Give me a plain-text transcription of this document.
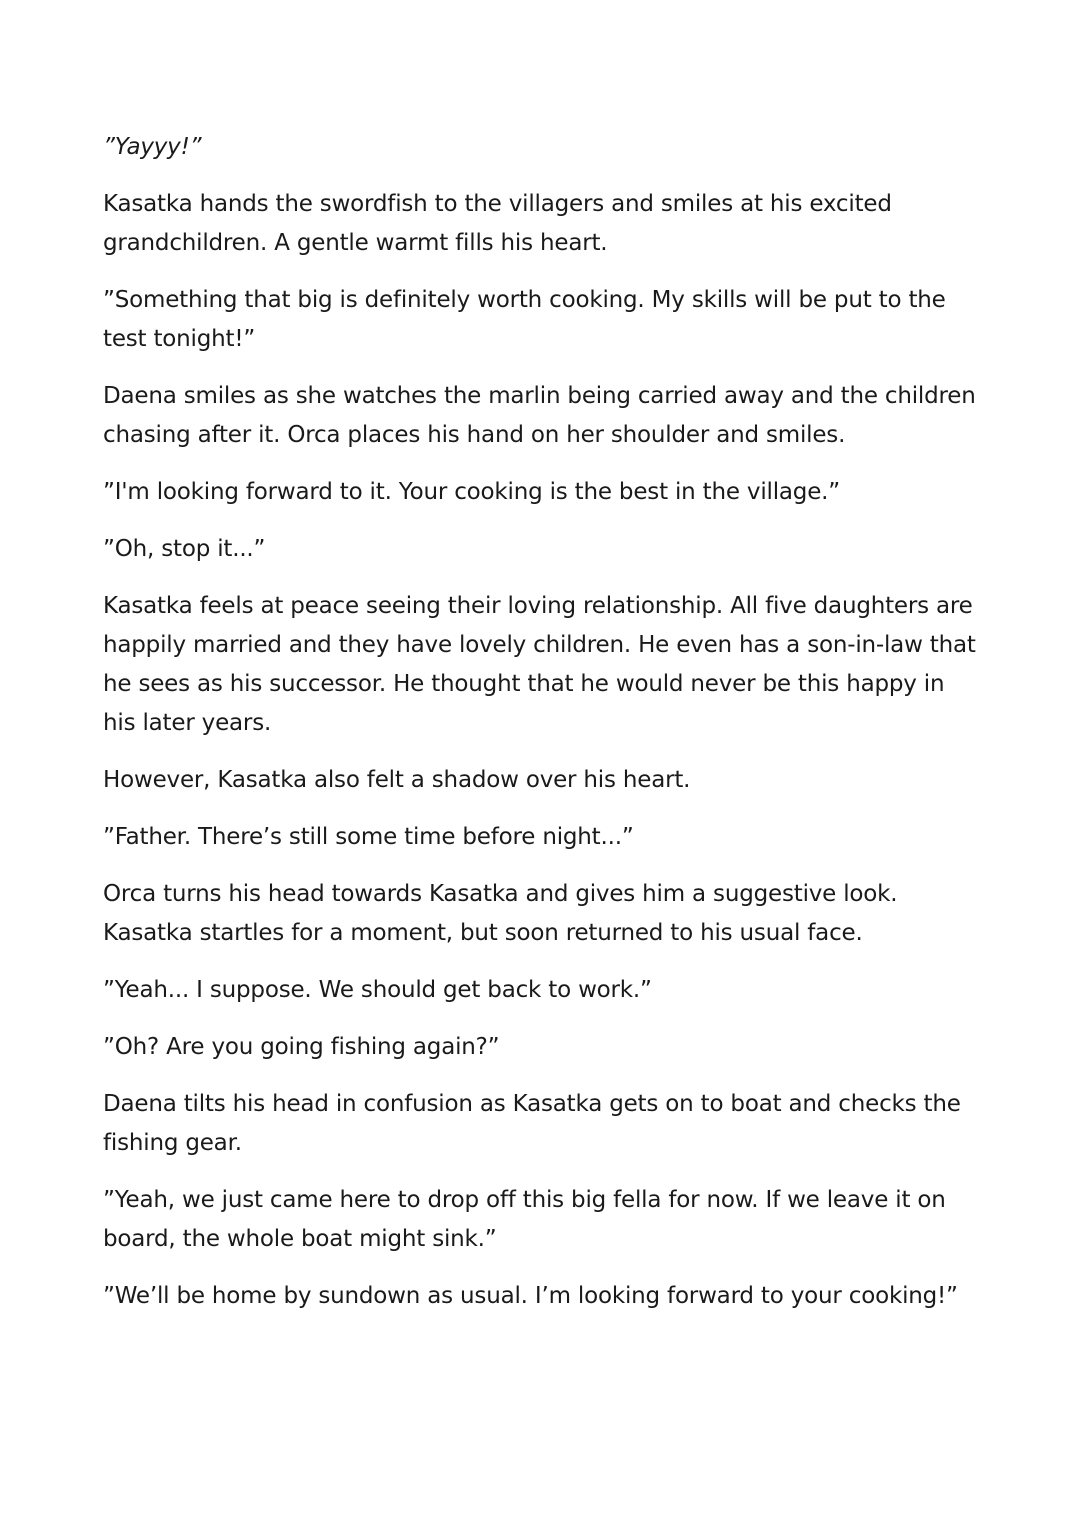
”Yayyy!”

Kasatka hands the swordfish to the villagers and smiles at his excited grandchildren. A gentle warmt fills his heart.

”Something that big is definitely worth cooking. My skills will be put to the test tonight!”

Daena smiles as she watches the marlin being carried away and the children chasing after it. Orca places his hand on her shoulder and smiles.

”I'm looking forward to it. Your cooking is the best in the village.”

”Oh, stop it...”

Kasatka feels at peace seeing their loving relationship. All five daughters are happily married and they have lovely children. He even has a son-in-law that he sees as his successor. He thought that he would never be this happy in his later years.

However, Kasatka also felt a shadow over his heart.

”Father. There’s still some time before night...”

Orca turns his head towards Kasatka and gives him a suggestive look. Kasatka startles for a moment, but soon returned to his usual face.

”Yeah... I suppose. We should get back to work.”

”Oh? Are you going fishing again?”

Daena tilts his head in confusion as Kasatka gets on to boat and checks the fishing gear.

”Yeah, we just came here to drop off this big fella for now. If we leave it on board, the whole boat might sink.”

”We’ll be home by sundown as usual. I’m looking forward to your cooking!”
